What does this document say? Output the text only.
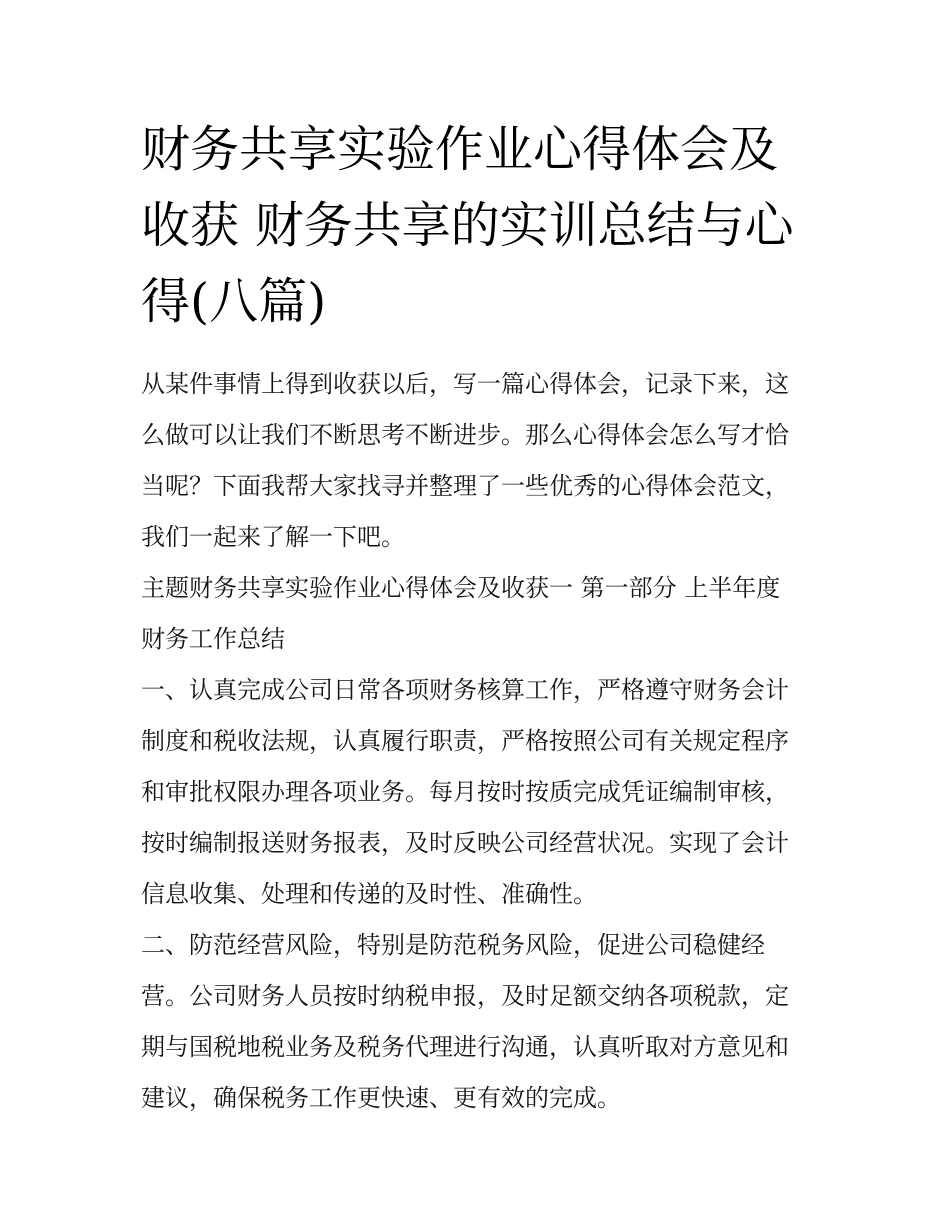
财务共享实验作业心得体会及
收获 财务共享的实训总结与心
得(八篇)
从某件事情上得到收获以后，写一篇心得体会，记录下来，这
么做可以让我们不断思考不断进步。那么心得体会怎么写才恰
当呢？下面我帮大家找寻并整理了一些优秀的心得体会范文，
我们一起来了解一下吧。
主题财务共享实验作业心得体会及收获一 第一部分 上半年度
财务工作总结
一、认真完成公司日常各项财务核算工作，严格遵守财务会计
制度和税收法规，认真履行职责，严格按照公司有关规定程序
和审批权限办理各项业务。每月按时按质完成凭证编制审核，
按时编制报送财务报表，及时反映公司经营状况。实现了会计
信息收集、处理和传递的及时性、准确性。
二、防范经营风险，特别是防范税务风险，促进公司稳健经
营。公司财务人员按时纳税申报，及时足额交纳各项税款，定
期与国税地税业务及税务代理进行沟通，认真听取对方意见和
建议，确保税务工作更快速、更有效的完成。
